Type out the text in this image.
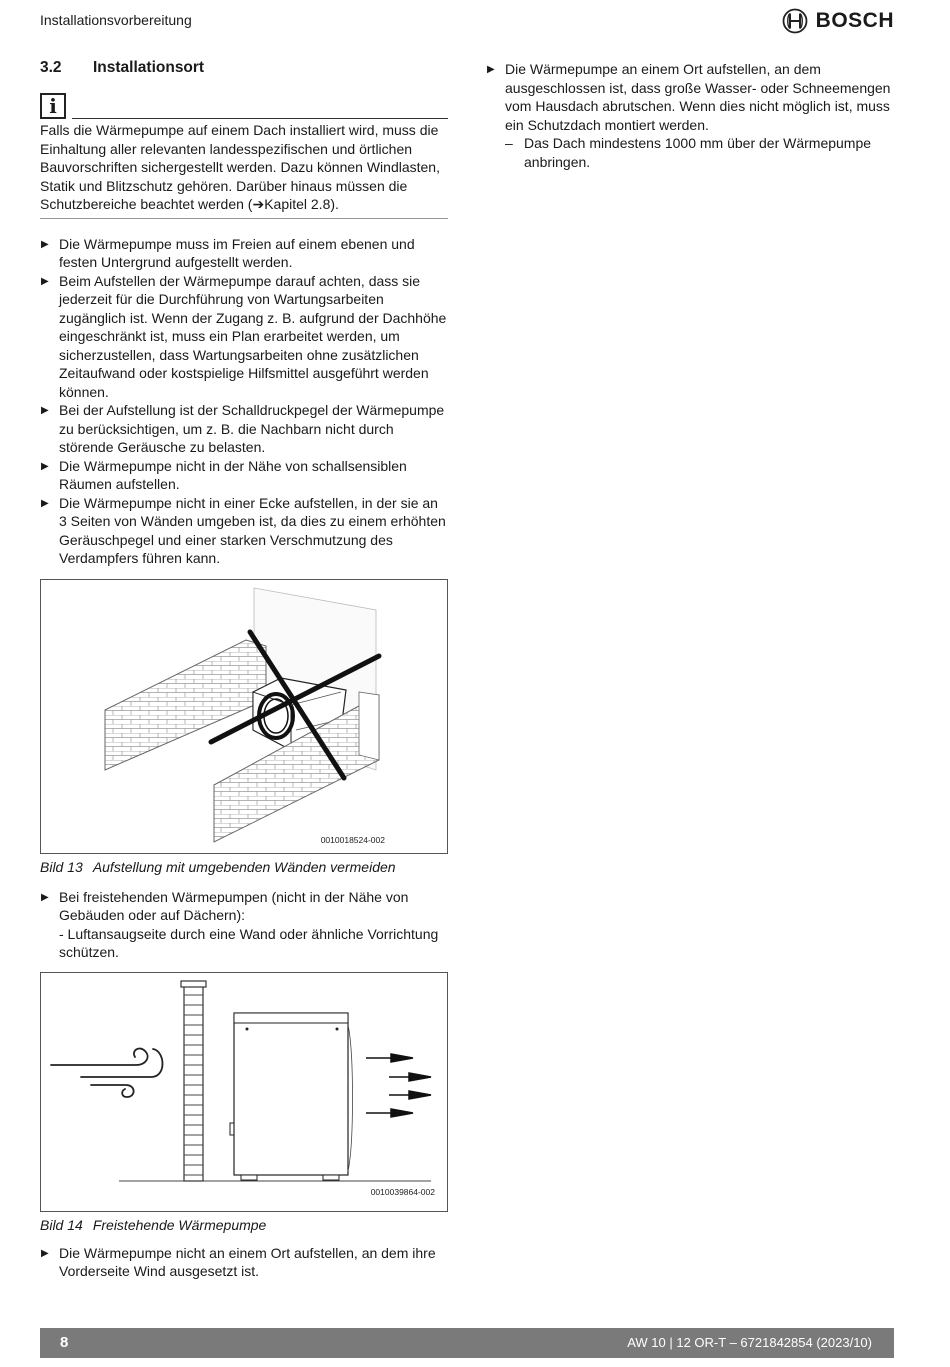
Installationsvorbereitung	BOSCH
3.2	Installationsort
i
Falls die Wärmepumpe auf einem Dach installiert wird, muss die Einhaltung aller relevanten landesspezifischen und örtlichen Bauvorschriften sichergestellt werden. Dazu können Windlasten, Statik und Blitzschutz gehören. Darüber hinaus müssen die Schutzbereiche beachtet werden (➔Kapitel 2.8).
▶ Die Wärmepumpe muss im Freien auf einem ebenen und festen Untergrund aufgestellt werden.
▶ Beim Aufstellen der Wärmepumpe darauf achten, dass sie jederzeit für die Durchführung von Wartungsarbeiten zugänglich ist. Wenn der Zugang z. B. aufgrund der Dachhöhe eingeschränkt ist, muss ein Plan erarbeitet werden, um sicherzustellen, dass Wartungsarbeiten ohne zusätzlichen Zeitaufwand oder kostspielige Hilfsmittel ausgeführt werden können.
▶ Bei der Aufstellung ist der Schalldruckpegel der Wärmepumpe zu berücksichtigen, um z. B. die Nachbarn nicht durch störende Geräusche zu belasten.
▶ Die Wärmepumpe nicht in der Nähe von schallsensiblen Räumen aufstellen.
▶ Die Wärmepumpe nicht in einer Ecke aufstellen, in der sie an 3 Seiten von Wänden umgeben ist, da dies zu einem erhöhten Geräuschpegel und einer starken Verschmutzung des Verdampfers führen kann.
0010018524-002
Bild 13 Aufstellung mit umgebenden Wänden vermeiden
▶ Bei freistehenden Wärmepumpen (nicht in der Nähe von Gebäuden oder auf Dächern):
- Luftansaugseite durch eine Wand oder ähnliche Vorrichtung schützen.
0010039864-002
Bild 14 Freistehende Wärmepumpe
▶ Die Wärmepumpe nicht an einem Ort aufstellen, an dem ihre Vorderseite Wind ausgesetzt ist.
▶ Die Wärmepumpe an einem Ort aufstellen, an dem ausgeschlossen ist, dass große Wasser- oder Schneemengen vom Hausdach abrutschen. Wenn dies nicht möglich ist, muss ein Schutzdach montiert werden.
– Das Dach mindestens 1000 mm über der Wärmepumpe anbringen.
8	AW 10 | 12 OR-T – 6721842854 (2023/10)
